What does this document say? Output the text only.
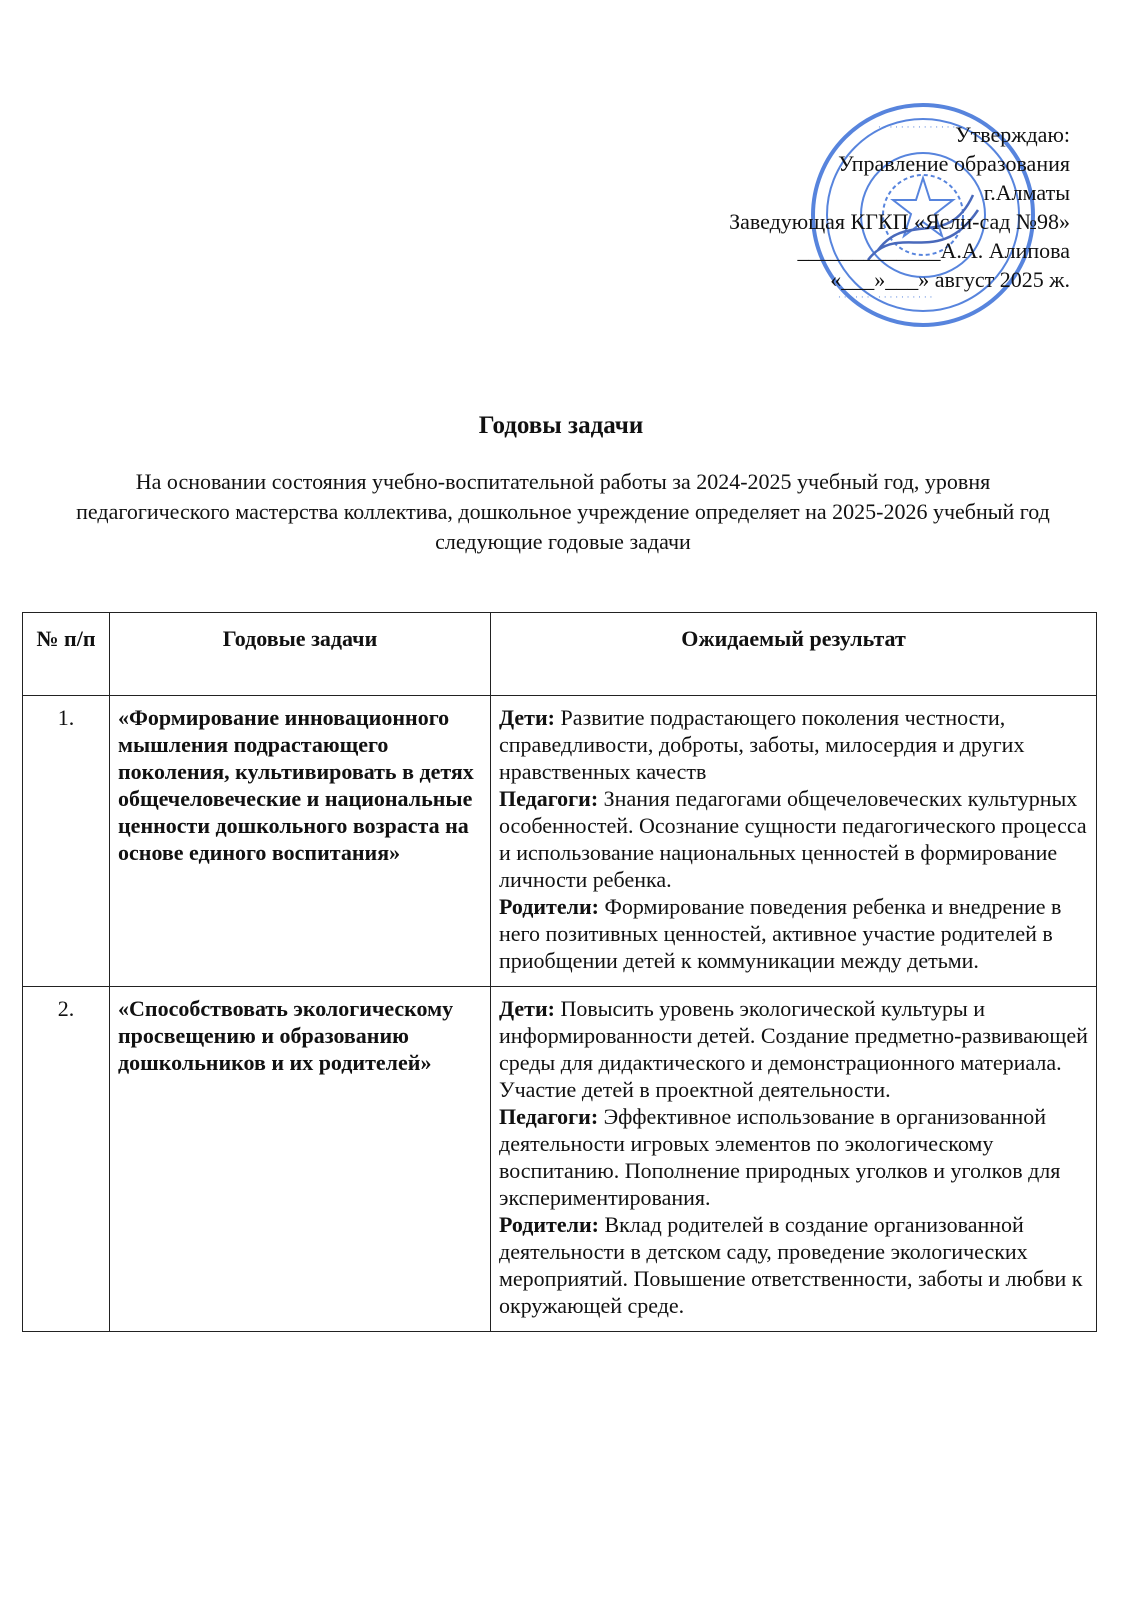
· · · · · · · · · · · · · · ·
· · · · · · · · · · · · · · · · ·
Утверждаю:
Управление образования
г.Алматы
Заведующая КГКП «Ясли-сад №98»
_____________А.А. Алипова
«___»___» август 2025 ж.
Годовы задачи
На основании состояния учебно-воспитательной работы за 2024-2025 учебный год, уровня педагогического мастерства коллектива, дошкольное учреждение определяет на 2025-2026 учебный год следующие годовые задачи
№ п/п	Годовые задачи	Ожидаемый результат
1.	«Формирование инновационного мышления подрастающего поколения, культивировать в детях общечеловеческие и национальные ценности дошкольного возраста на основе единого воспитания»	Дети: Развитие подрастающего поколения честности, справедливости, доброты, заботы, милосердия и других нравственных качеств

Педагоги: Знания педагогами общечеловеческих культурных особенностей. Осознание сущности педагогического процесса и использование национальных ценностей в формирование личности ребенка.

Родители: Формирование поведения ребенка и внедрение в него позитивных ценностей, активное участие родителей в приобщении детей к коммуникации между детьми.

2.	«Способствовать экологическому просвещению и образованию дошкольников и их родителей»	Дети: Повысить уровень экологической культуры и информированности детей. Создание предметно-развивающей среды для дидактического и демонстрационного материала. Участие детей в проектной деятельности.

Педагоги: Эффективное использование в организованной деятельности игровых элементов по экологическому воспитанию. Пополнение природных уголков и уголков для экспериментирования.

Родители: Вклад родителей в создание организованной деятельности в детском саду, проведение экологических мероприятий. Повышение ответственности, заботы и любви к окружающей среде.
